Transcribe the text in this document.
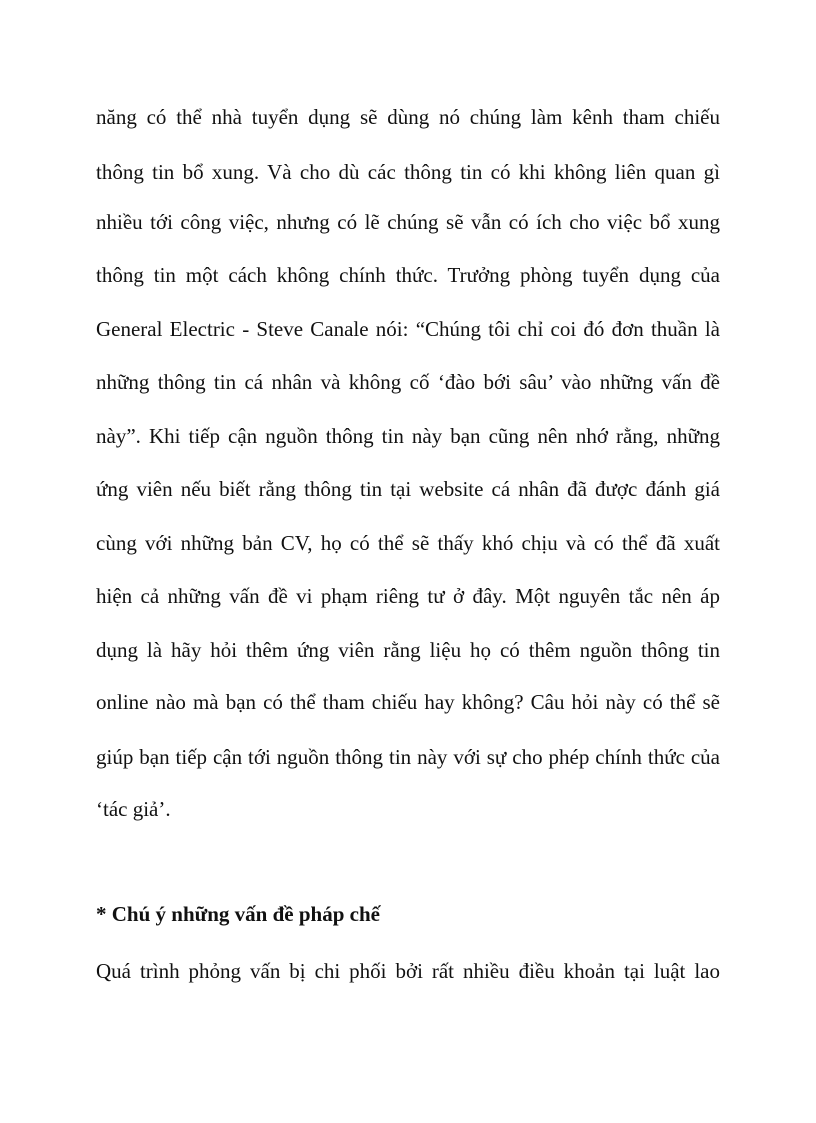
năng có thể nhà tuyển dụng sẽ dùng nó chúng làm kênh tham chiếu
thông tin bổ xung. Và cho dù các thông tin có khi không liên quan gì
nhiều tới công việc, nhưng có lẽ chúng sẽ vẫn có ích cho việc bổ xung
thông tin một cách không chính thức. Trưởng phòng tuyển dụng của
General Electric - Steve Canale nói: “Chúng tôi chỉ coi đó đơn thuần là
những thông tin cá nhân và không cố ‘đào bới sâu’ vào những vấn đề
này”. Khi tiếp cận nguồn thông tin này bạn cũng nên nhớ rằng, những
ứng viên nếu biết rằng thông tin tại website cá nhân đã được đánh giá
cùng với những bản CV, họ có thể sẽ thấy khó chịu và có thể đã xuất
hiện cả những vấn đề vi phạm riêng tư ở đây. Một nguyên tắc nên áp
dụng là hãy hỏi thêm ứng viên rằng liệu họ có thêm nguồn thông tin
online nào mà bạn có thể tham chiếu hay không? Câu hỏi này có thể sẽ
giúp bạn tiếp cận tới nguồn thông tin này với sự cho phép chính thức của
‘tác giả’.
* Chú ý những vấn đề pháp chế
Quá trình phỏng vấn bị chi phối bởi rất nhiều điều khoản tại luật lao
